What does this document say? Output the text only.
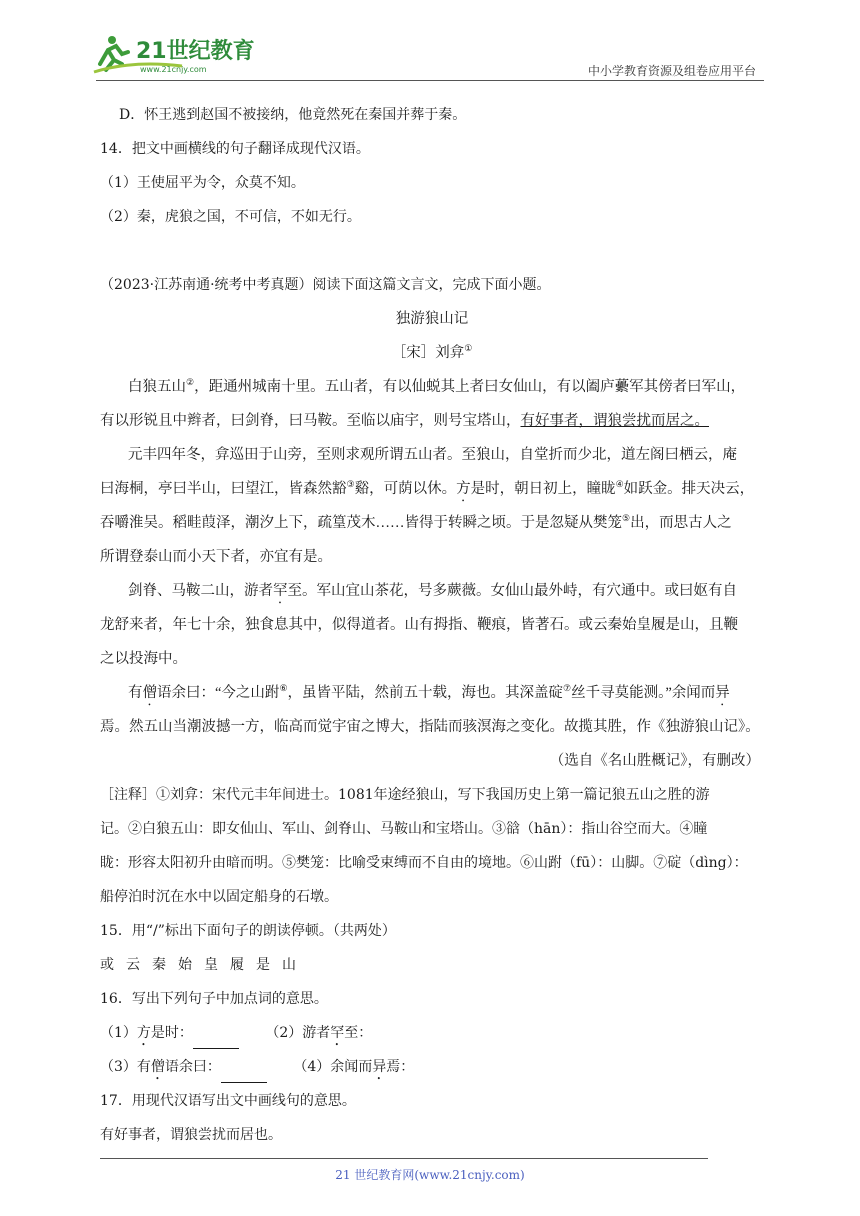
21世纪教育
www.21cnjy.com	中小学教育资源及组卷应用平台
D．怀王逃到赵国不被接纳，他竟然死在秦国并葬于秦。
14．把文中画横线的句子翻译成现代汉语。
（1）王使屈平为令，众莫不知。
（2）秦，虎狼之国，不可信，不如无行。
（2023·江苏南通·统考中考真题）阅读下面这篇文言文，完成下面小题。
独游狼山记
［宋］刘弇①
白狼五山②，距通州城南十里。五山者，有以仙蜕其上者曰女仙山，有以阖庐虆军其傍者曰军山，
有以形锐且中辫者，曰剑脊，曰马鞍。至临以庙宇，则号宝塔山，有好事者，谓狼尝扰而居之。
元丰四年冬，弇巡田于山旁，至则求观所谓五山者。至狼山，自堂折而少北，道左阁曰栖云，庵
曰海桐，亭曰半山，曰望江，皆森然豁③谿，可荫以休。方是时，朝日初上，瞳眬④如跃金。排天决云，
吞嚼淮吴。稻畦葭泽，潮汐上下，疏篁茂木……皆得于转瞬之顷。于是忽疑从樊笼⑤出，而思古人之
所谓登泰山而小天下者，亦宜有是。
剑脊、马鞍二山，游者罕至。军山宜山茶花，号多蕨薇。女仙山最外峙，有穴通中。或曰妪有自
龙舒来者，年七十余，独食息其中，似得道者。山有拇指、鞭痕，皆著石。或云秦始皇履是山，且鞭
之以投海中。
有僧语余曰：“今之山跗⑥，虽皆平陆，然前五十载，海也。其深盖碇⑦丝千寻莫能测。”余闻而异
焉。然五山当潮波撼一方，临高而觉宇宙之博大，指陆而骇溟海之变化。故揽其胜，作《独游狼山记》。
（选自《名山胜概记》，有删改）
［注释］①刘弇：宋代元丰年间进士。1081年途经狼山，写下我国历史上第一篇记狼五山之胜的游
记。②白狼五山：即女仙山、军山、剑脊山、马鞍山和宝塔山。③谽（hān）：指山谷空而大。④瞳
眬：形容太阳初升由暗而明。⑤樊笼：比喻受束缚而不自由的境地。⑥山跗（fū）：山脚。⑦碇（dìng）：
船停泊时沉在水中以固定船身的石墩。
15．用“/”标出下面句子的朗读停顿。（共两处）
或云秦始皇履是山
16．写出下列句子中加点词的意思。
（1）方是时：	（2）游者罕至：
（3）有僧语余曰：	（4）余闻而异焉：
17．用现代汉语写出文中画线句的意思。
有好事者，谓狼尝扰而居也。
21 世纪教育网(www.21cnjy.com)
